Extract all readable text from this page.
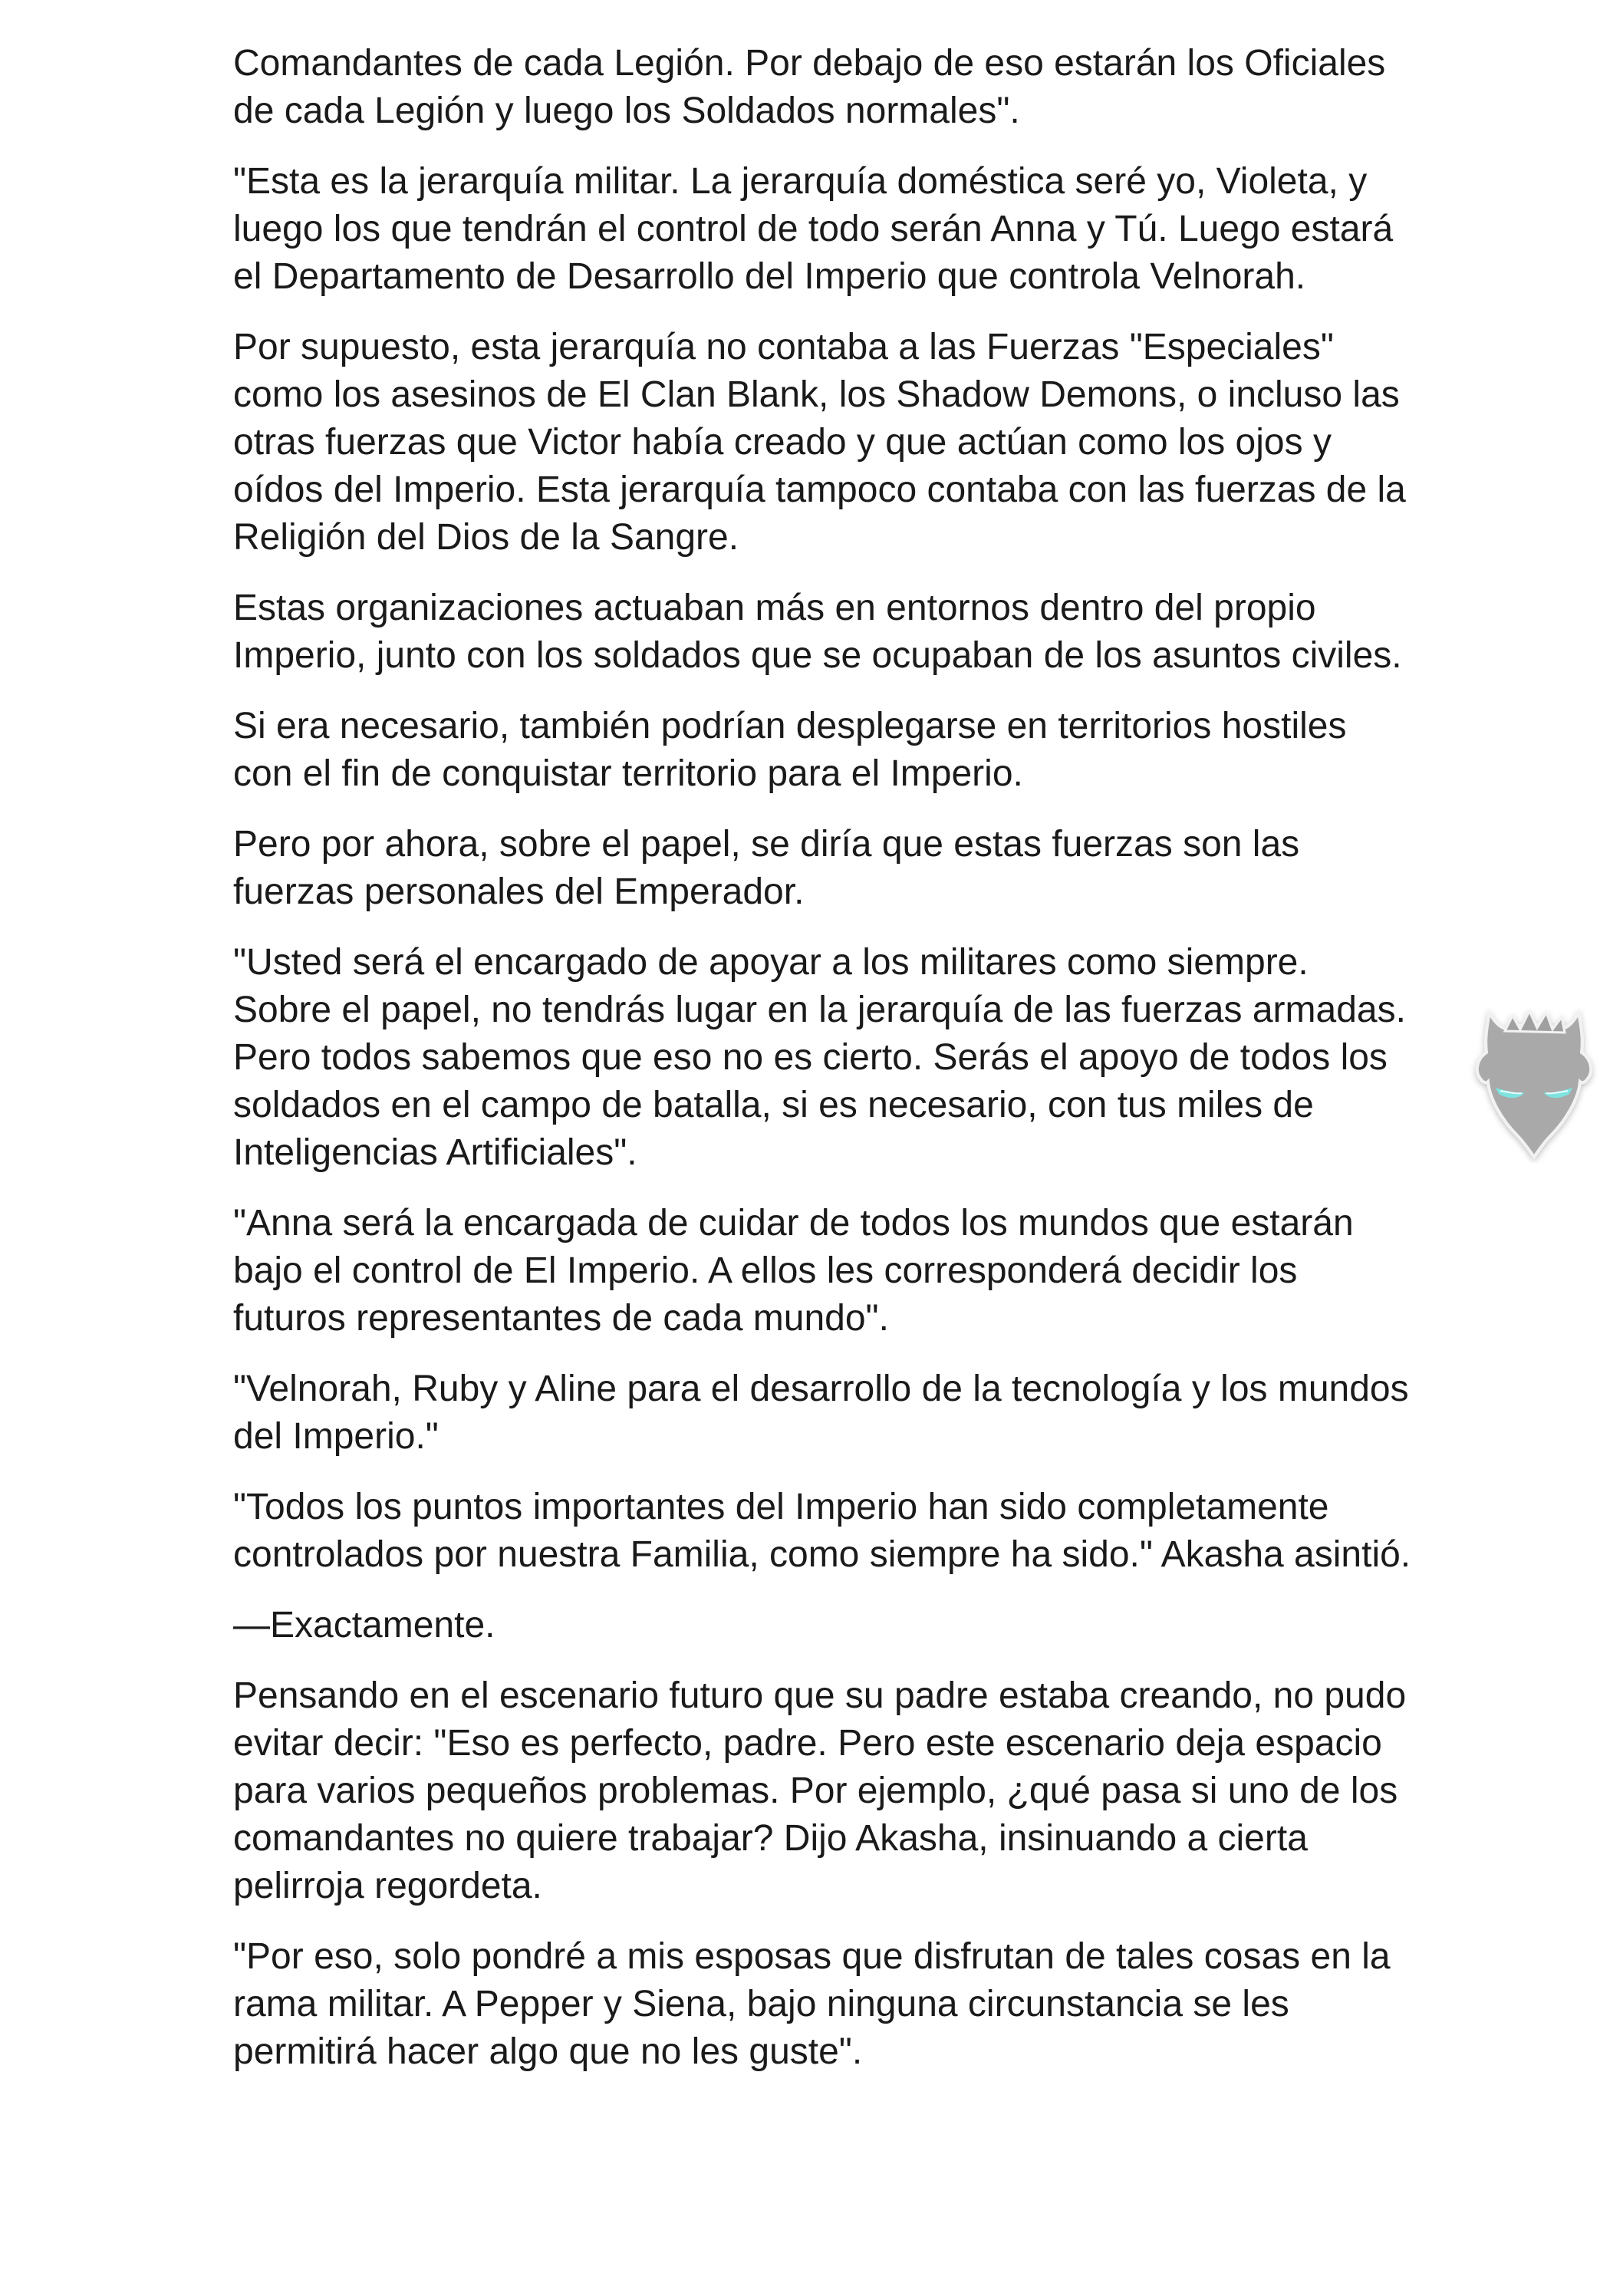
Comandantes de cada Legión. Por debajo de eso estarán los Oficiales de cada Legión y luego los Soldados normales".

"Esta es la jerarquía militar. La jerarquía doméstica seré yo, Violeta, y luego los que tendrán el control de todo serán Anna y Tú. Luego estará el Departamento de Desarrollo del Imperio que controla Velnorah.

Por supuesto, esta jerarquía no contaba a las Fuerzas "Especiales" como los asesinos de El Clan Blank, los Shadow Demons, o incluso las otras fuerzas que Victor había creado y que actúan como los ojos y oídos del Imperio. Esta jerarquía tampoco contaba con las fuerzas de la Religión del Dios de la Sangre.

Estas organizaciones actuaban más en entornos dentro del propio Imperio, junto con los soldados que se ocupaban de los asuntos civiles.

Si era necesario, también podrían desplegarse en territorios hostiles con el fin de conquistar territorio para el Imperio.

Pero por ahora, sobre el papel, se diría que estas fuerzas son las fuerzas personales del Emperador.

"Usted será el encargado de apoyar a los militares como siempre. Sobre el papel, no tendrás lugar en la jerarquía de las fuerzas armadas. Pero todos sabemos que eso no es cierto. Serás el apoyo de todos los soldados en el campo de batalla, si es necesario, con tus miles de Inteligencias Artificiales".

"Anna será la encargada de cuidar de todos los mundos que estarán bajo el control de El Imperio. A ellos les corresponderá decidir los futuros representantes de cada mundo".

"Velnorah, Ruby y Aline para el desarrollo de la tecnología y los mundos del Imperio."

"Todos los puntos importantes del Imperio han sido completamente controlados por nuestra Familia, como siempre ha sido." Akasha asintió.

—Exactamente.

Pensando en el escenario futuro que su padre estaba creando, no pudo evitar decir: "Eso es perfecto, padre. Pero este escenario deja espacio para varios pequeños problemas. Por ejemplo, ¿qué pasa si uno de los comandantes no quiere trabajar? Dijo Akasha, insinuando a cierta pelirroja regordeta.

"Por eso, solo pondré a mis esposas que disfrutan de tales cosas en la rama militar. A Pepper y Siena, bajo ninguna circunstancia se les permitirá hacer algo que no les guste".
